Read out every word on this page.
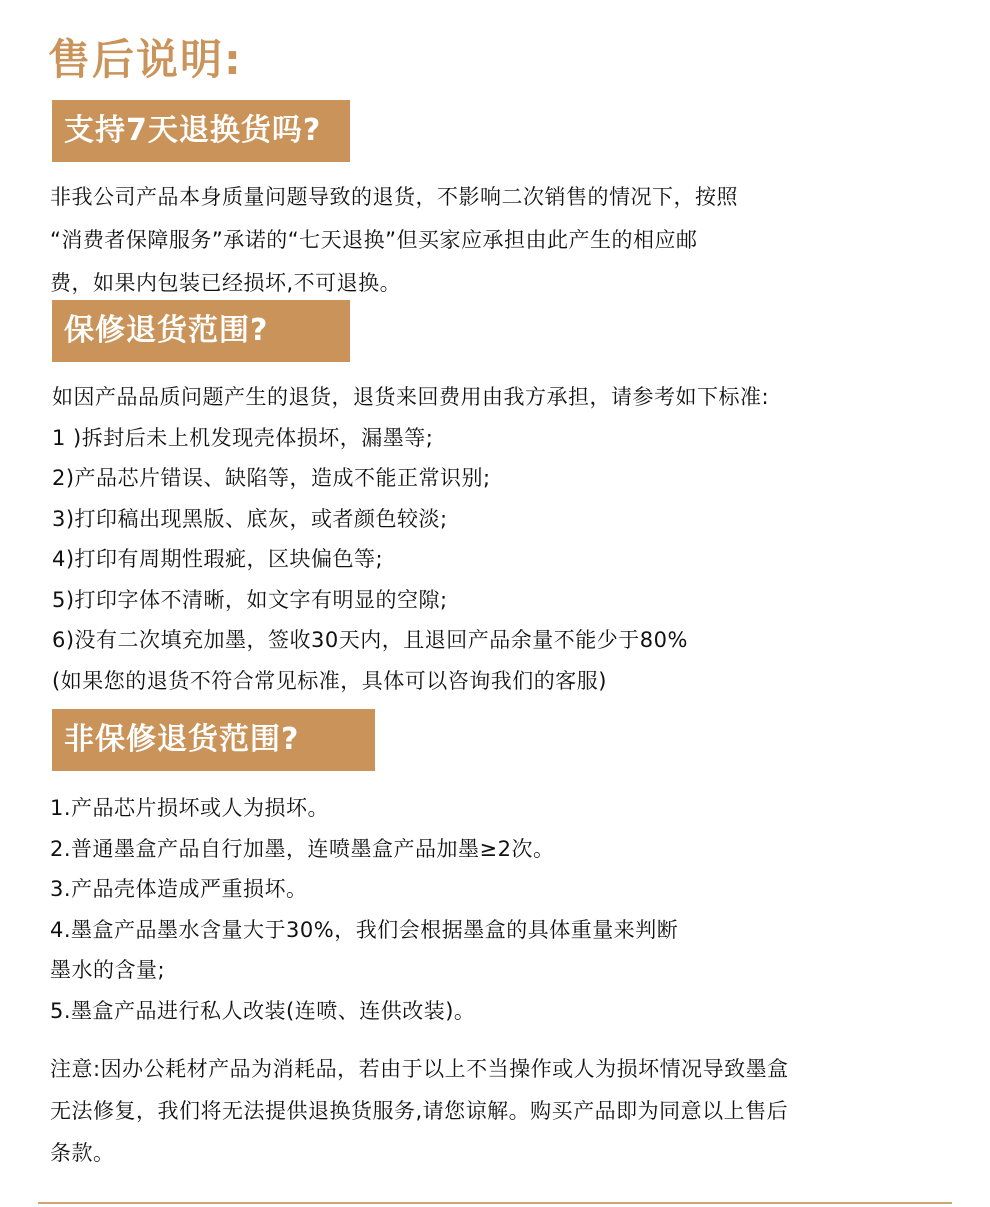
售后说明:
支持7天退换货吗?
非我公司产品本身质量问题导致的退货，不影响二次销售的情况下，按照
“消费者保障服务”承诺的“七天退换”但买家应承担由此产生的相应邮
费，如果内包装已经损坏,不可退换。
保修退货范围?
如因产品品质问题产生的退货，退货来回费用由我方承担，请参考如下标准:
1 )拆封后未上机发现壳体损坏，漏墨等;
2)产品芯片错误、缺陷等，造成不能正常识别;
3)打印稿出现黑版、底灰，或者颜色较淡;
4)打印有周期性瑕疵，区块偏色等;
5)打印字体不清晰，如文字有明显的空隙;
6)没有二次填充加墨，签收30天内，且退回产品余量不能少于80%
(如果您的退货不符合常见标准，具体可以咨询我们的客服)
非保修退货范围?
1.产品芯片损坏或人为损坏。
2.普通墨盒产品自行加墨，连喷墨盒产品加墨≥2次。
3.产品壳体造成严重损坏。
4.墨盒产品墨水含量大于30%，我们会根据墨盒的具体重量来判断
墨水的含量;
5.墨盒产品进行私人改装(连喷、连供改装)。
注意:因办公耗材产品为消耗品，若由于以上不当操作或人为损坏情况导致墨盒
无法修复，我们将无法提供退换货服务,请您谅解。购买产品即为同意以上售后
条款。
